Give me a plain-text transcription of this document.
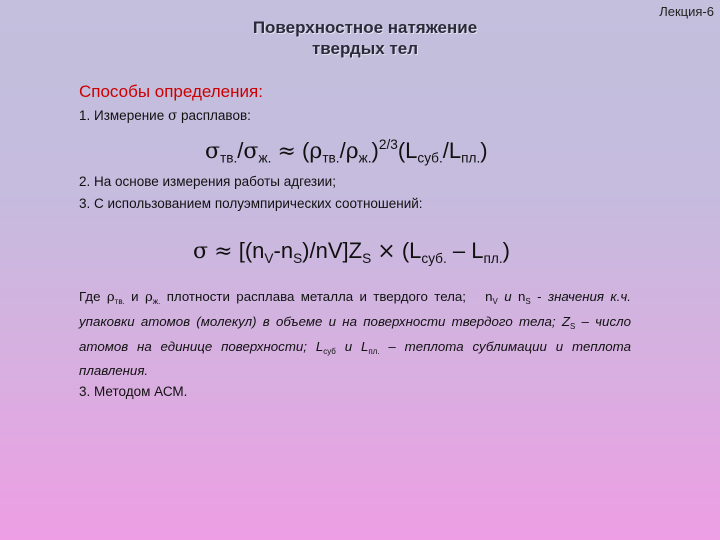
Лекция-6
Поверхностное натяжение
твердых тел
Способы определения:
1. Измерение σ расплавов:
$\sigma_{тв.}/\sigma_{ж.} \approx (\rho_{тв.}/\rho_{ж.})^{2/3}(L_{суб.}/L_{пл.})$
2. На основе измерения работы адгезии;
3. С использованием полуэмпирических соотношений:
$\sigma \approx [(n_V-n_S)/nV]Z_S \times (L_{суб.} - L_{пл.})$
Где $\rho_{тв.}$ и $\rho_{ж.}$ плотности расплава металла и твердого тела; $n_V$ и $n_S$ - значения к.ч. упаковки атомов (молекул) в объеме и на поверхности твердого тела; $Z_S$ – число атомов на единице поверхности; $L_{суб}$ и $L_{пл.}$ – теплота сублимации и теплота плавления.
3. Методом АСМ.
